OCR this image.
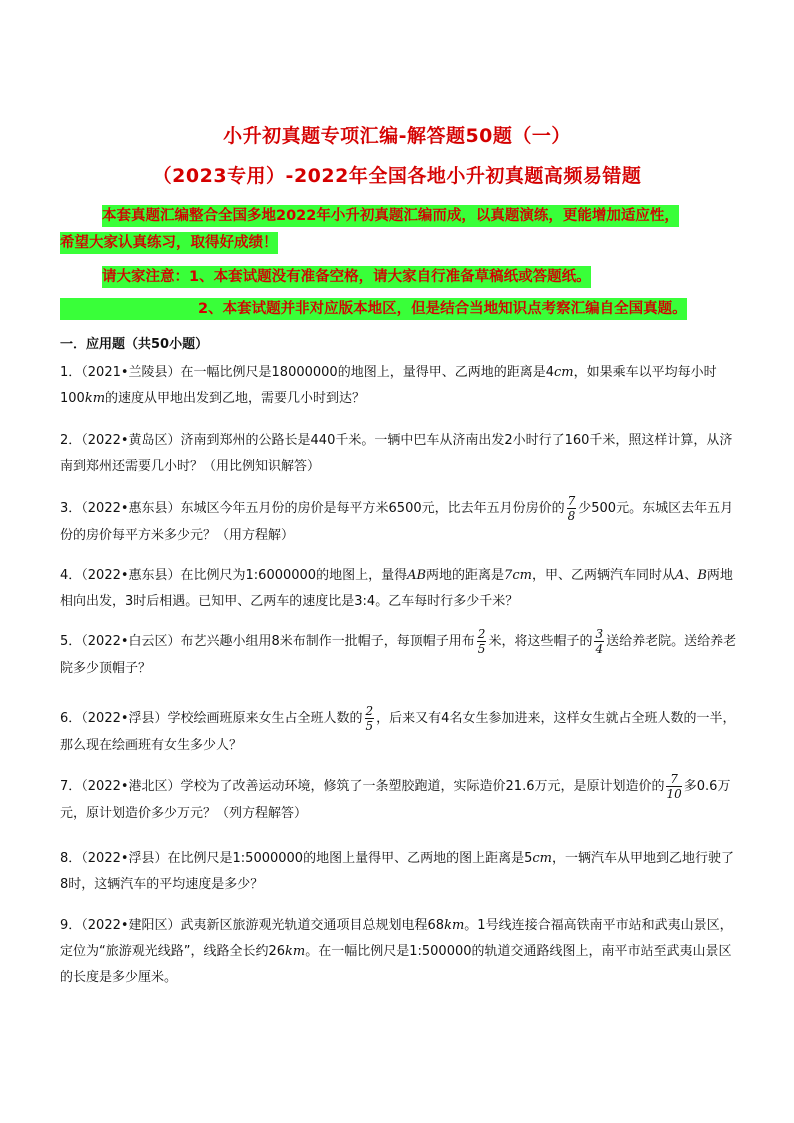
小升初真题专项汇编-解答题50题（一）
（2023专用）-2022年全国各地小升初真题高频易错题
本套真题汇编整合全国多地2022年小升初真题汇编而成，以真题演练，更能增加适应性，
希望大家认真练习，取得好成绩！
请大家注意：1、本套试题没有准备空格，请大家自行准备草稿纸或答题纸。
2、本套试题并非对应版本地区，但是结合当地知识点考察汇编自全国真题。
一．应用题（共50小题）
1．（2021•兰陵县）在一幅比例尺是18000000的地图上，量得甲、乙两地的距离是4cm，如果乘车以平均每小时100km的速度从甲地出发到乙地，需要几小时到达？
2．（2022•黄岛区）济南到郑州的公路长是440千米。一辆中巴车从济南出发2小时行了160千米，照这样计算，从济南到郑州还需要几小时？（用比例知识解答）
3．（2022•惠东县）东城区今年五月份的房价是每平方米6500元，比去年五月份房价的 $\frac{7}{8}$ 少500元。东城区去年五月份的房价每平方米多少元？（用方程解）
4．（2022•惠东县）在比例尺为1:6000000的地图上，量得AB两地的距离是7cm，甲、乙两辆汽车同时从A、B两地相向出发，3时后相遇。已知甲、乙两车的速度比是3:4。乙车每时行多少千米？
5．（2022•白云区）布艺兴趣小组用8米布制作一批帽子，每顶帽子用布 $\frac{2}{5}$ 米，将这些帽子的 $\frac{3}{4}$ 送给养老院。送给养老院多少顶帽子？
6．（2022•浮县）学校绘画班原来女生占全班人数的 $\frac{2}{5}$ ，后来又有4名女生参加进来，这样女生就占全班人数的一半，那么现在绘画班有女生多少人？
7．（2022•港北区）学校为了改善运动环境，修筑了一条塑胶跑道，实际造价21.6万元，是原计划造价的 $\frac{7}{10}$ 多0.6万元，原计划造价多少万元？（列方程解答）
8．（2022•浮县）在比例尺是1:5000000的地图上量得甲、乙两地的图上距离是5cm，一辆汽车从甲地到乙地行驶了8时，这辆汽车的平均速度是多少？
9．（2022•建阳区）武夷新区旅游观光轨道交通项目总规划电程68km。1号线连接合福高铁南平市站和武夷山景区，定位为“旅游观光线路”，线路全长约26km。在一幅比例尺是1:500000的轨道交通路线图上，南平市站至武夷山景区的长度是多少厘米。
